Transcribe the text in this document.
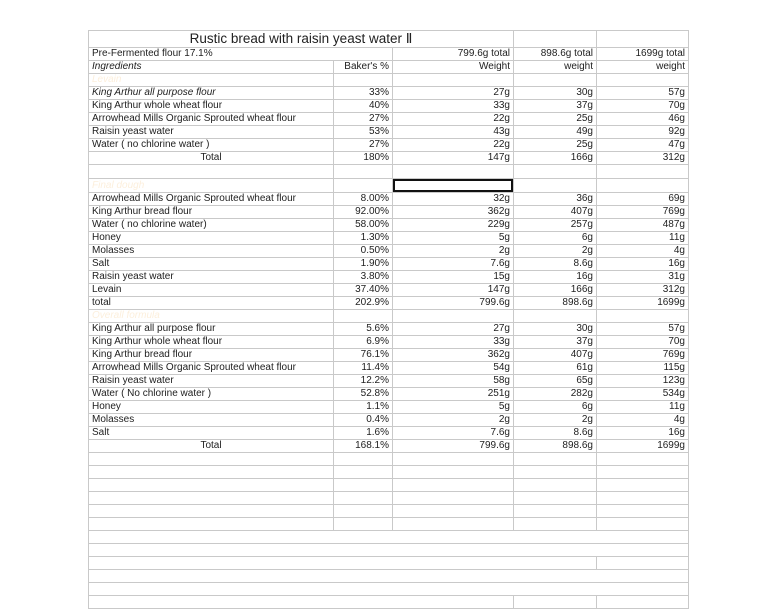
Rustic bread with raisin yeast water Ⅱ				
Pre-Fermented flour 17.1%		799.6g total	898.6g total	1699g total
Ingredients	Baker's %	Weight	weight	weight
Levain				
King Arthur all purpose flour	33%	27g	30g	57g
King Arthur whole wheat flour	40%	33g	37g	70g
Arrowhead Mills Organic Sprouted wheat flour	27%	22g	25g	46g
Raisin yeast water	53%	43g	49g	92g
Water ( no chlorine water )	27%	22g	25g	47g
Total	180%	147g	166g	312g

Final dough				
Arrowhead Mills Organic Sprouted wheat flour	8.00%	32g	36g	69g
King Arthur bread flour	92.00%	362g	407g	769g
Water ( no chlorine water)	58.00%	229g	257g	487g
Honey	1.30%	5g	6g	11g
Molasses	0.50%	2g	2g	4g
Salt	1.90%	7.6g	8.6g	16g
Raisin yeast water	3.80%	15g	16g	31g
Levain	37.40%	147g	166g	312g
total	202.9%	799.6g	898.6g	1699g
Overall formula				
King Arthur all purpose flour	5.6%	27g	30g	57g
King Arthur whole wheat flour	6.9%	33g	37g	70g
King Arthur bread flour	76.1%	362g	407g	769g
Arrowhead Mills Organic Sprouted wheat flour	11.4%	54g	61g	115g
Raisin yeast water	12.2%	58g	65g	123g
Water ( No chlorine water )	52.8%	251g	282g	534g
Honey	1.1%	5g	6g	11g
Molasses	0.4%	2g	2g	4g
Salt	1.6%	7.6g	8.6g	16g
Total	168.1%	799.6g	898.6g	1699g
